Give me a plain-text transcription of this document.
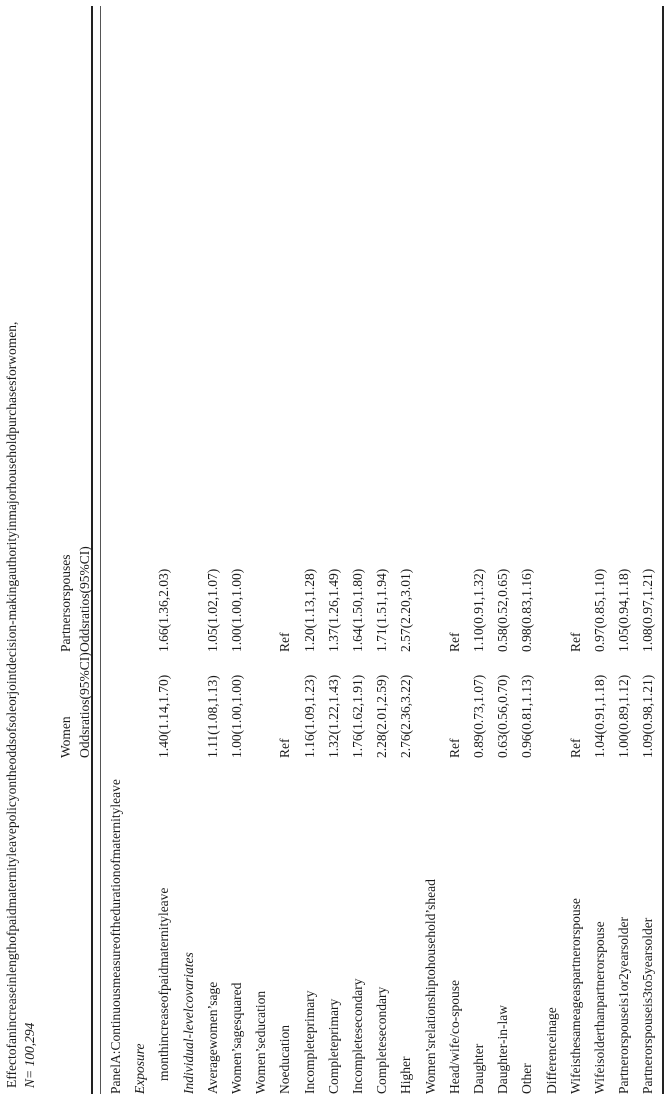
Effectofanincreaseinlengthofpaidmaternityleavepolicyontheoddsofsoleorjointdecision-makingauthorityinmajorhouseholdpurchasesforwomen, N= 100,294
Women Oddsratios(95%CI)
Partnersorspouses Oddsratios(95%CI)
PanelA:Continuousmeasureofthedurationofmaternityleave Exposure monthincreaseofpaidmaternityleave
1.40(1.14,1.70)
1.66(1.36,2.03)
Individual-levelcovariates Averagewomen’sage
1.11(1.08,1.13)
1.05(1.02,1.07)
Women’sagesquared
1.00(1.00,1.00)
1.00(1.00,1.00)
Women’seducation Noeducation
Ref
Ref
Incompleteprimary
1.16(1.09,1.23)
1.20(1.13,1.28)
Completeprimary
1.32(1.22,1.43)
1.37(1.26,1.49)
Incompletesecondary
1.76(1.62,1.91)
1.64(1.50,1.80)
Completesecondary
2.28(2.01,2.59)
1.71(1.51,1.94)
Higher
2.76(2.36,3.22)
2.57(2.20,3.01)
Women’srelationshiptohousehold’shead Head/wife/co-spouse
Ref
Ref
Daughter
0.89(0.73,1.07)
1.10(0.91,1.32)
Daughter-in-law
0.63(0.56,0.70)
0.58(0.52,0.65)
Other
0.96(0.81,1.13)
0.98(0.83,1.16)
Differenceinage Wifeisthesameageaspartnerorspouse
Ref
Ref
Wifeisolderthanpartnerorspouse
1.04(0.91,1.18)
0.97(0.85,1.10)
Partnerorspouseis1or2yearsolder
1.00(0.89,1.12)
1.05(0.94,1.18)
Partnerorspouseis3to5yearsolder
1.09(0.98,1.21)
1.08(0.97,1.21)
